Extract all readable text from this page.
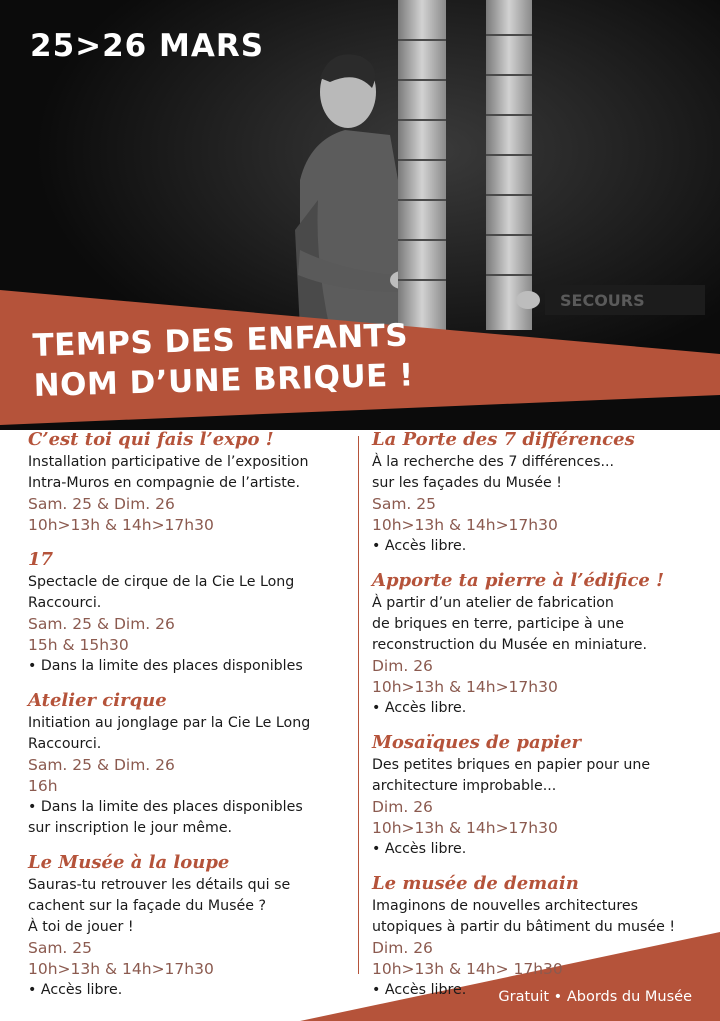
SECOURS
25>26 MARS
TEMPS DES ENFANTS
NOM D’UNE BRIQUE !
C’est toi qui fais l’expo !
Installation participative de l’exposition
Intra-Muros en compagnie de l’artiste.
Sam. 25 & Dim. 26
10h>13h & 14h>17h30
17
Spectacle de cirque de la Cie Le Long
Raccourci.
Sam. 25 & Dim. 26
15h & 15h30
• Dans la limite des places disponibles
Atelier cirque
Initiation au jonglage par la Cie Le Long
Raccourci.
Sam. 25 & Dim. 26
16h
• Dans la limite des places disponibles
sur inscription le jour même.
Le Musée à la loupe
Sauras-tu retrouver les détails qui se
cachent sur la façade du Musée ?
À toi de jouer !
Sam. 25
10h>13h & 14h>17h30
• Accès libre.
La Porte des 7 différences
À la recherche des 7 différences...
sur les façades du Musée !
Sam. 25
10h>13h & 14h>17h30
• Accès libre.
Apporte ta pierre à l’édifice !
À partir d’un atelier de fabrication
de briques en terre, participe à une
reconstruction du Musée en miniature.
Dim. 26
10h>13h & 14h>17h30
• Accès libre.
Mosaïques de papier
Des petites briques en papier pour une
architecture improbable...
Dim. 26
10h>13h & 14h>17h30
• Accès libre.
Le musée de demain
Imaginons de nouvelles architectures
utopiques à partir du bâtiment du musée !
Dim. 26
10h>13h & 14h> 17h30
• Accès libre.	Gratuit • Abords du Musée
